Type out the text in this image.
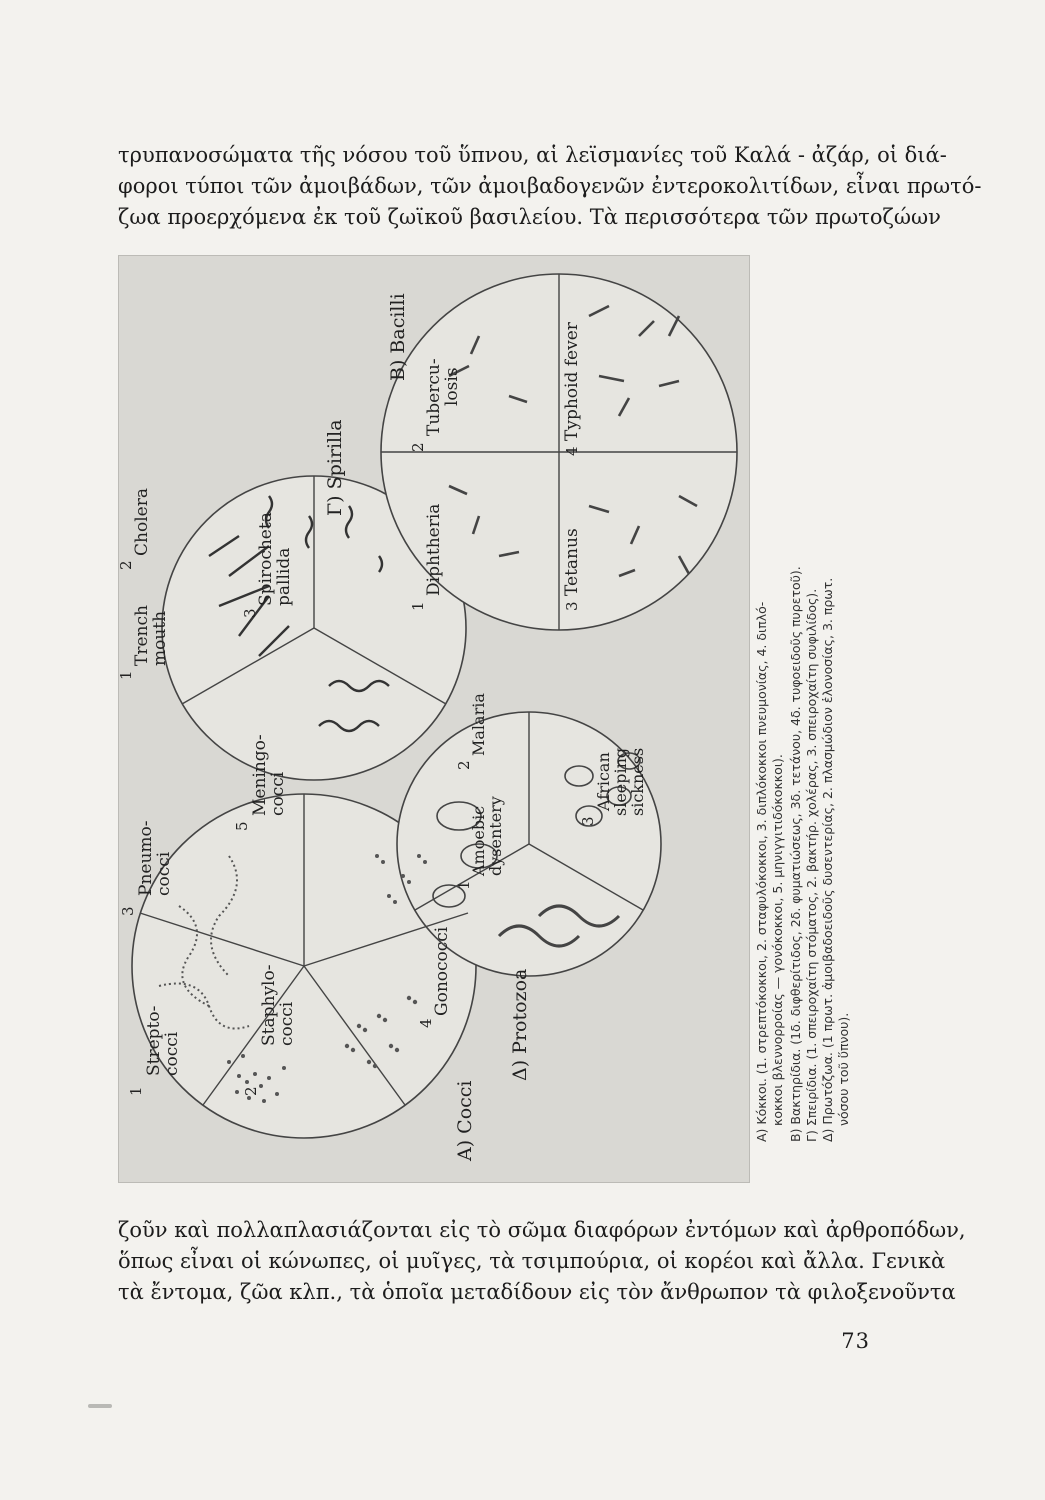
τρυπανοσώματα τῆς νόσου τοῦ ὕπνου, αἱ λεϊσμανίες τοῦ Καλά - ἀζάρ, οἱ διά-
φοροι τύποι τῶν ἀμοιβάδων, τῶν ἀμοιβαδογενῶν ἐντεροκολιτίδων, εἶναι πρωτό-
ζωα προερχόμενα ἐκ τοῦ ζωϊκοῦ βασιλείου. Τὰ περισσότερα τῶν πρωτοζώων
Strepto-
cocci
Staphylo-
cocci
Pneumo-
cocci
Gonococci
Meningo-
cocci
Trench
mouth
Cholera	Spirocheta
pallida
Amoebic
dysentery
Malaria
African
sleeping
sickness
Diphtheria
Tubercu-
losis
Tetanus
Typhoid fever
1	2
3
4
5
1
2
3
1
2
3
1
2
3
4
A) Cocci
Γ) Spirilla
Δ) Protozoa
B) Bacilli
Α) Κόκκοι. (1. στρεπτόκοκκοι, 2. σταφυλόκοκκοι, 3. διπλόκοκκοι πνευμονίας, 4. διπλό- κοκκοι βλεννορροίας — γονόκοκκοι, 5. μηνιγγιτιδόκοκκοι). Β) Βακτηρίδια. (1δ. διφθερίτιδος, 2δ. φυματιώσεως, 3δ. τετάνου, 4δ. τυφοειδοῦς πυρετοῦ). Γ) Σπειρίδια. (1. σπειροχαίτη στόματος, 2. βακτήρ. χολέρας, 3. σπειροχαίτη συφιλίδος). Δ) Πρωτόζωα. (1 πρωτ. ἀμοιβαδοειδοῦς δυσεντερίας, 2. πλασμώδιον ἑλονοσίας, 3. πρωτ. νόσου τοῦ ὕπνου).
ζοῦν καὶ πολλαπλασιάζονται εἰς τὸ σῶμα διαφόρων ἐντόμων καὶ ἀρθροπόδων,
ὅπως εἶναι οἱ κώνωπες, οἱ μυῖγες, τὰ τσιμπούρια, οἱ κορέοι καὶ ἄλλα. Γενικὰ
τὰ ἔντομα, ζῶα κλπ., τὰ ὁποῖα μεταδίδουν εἰς τὸν ἄνθρωπον τὰ φιλοξενοῦντα
73
